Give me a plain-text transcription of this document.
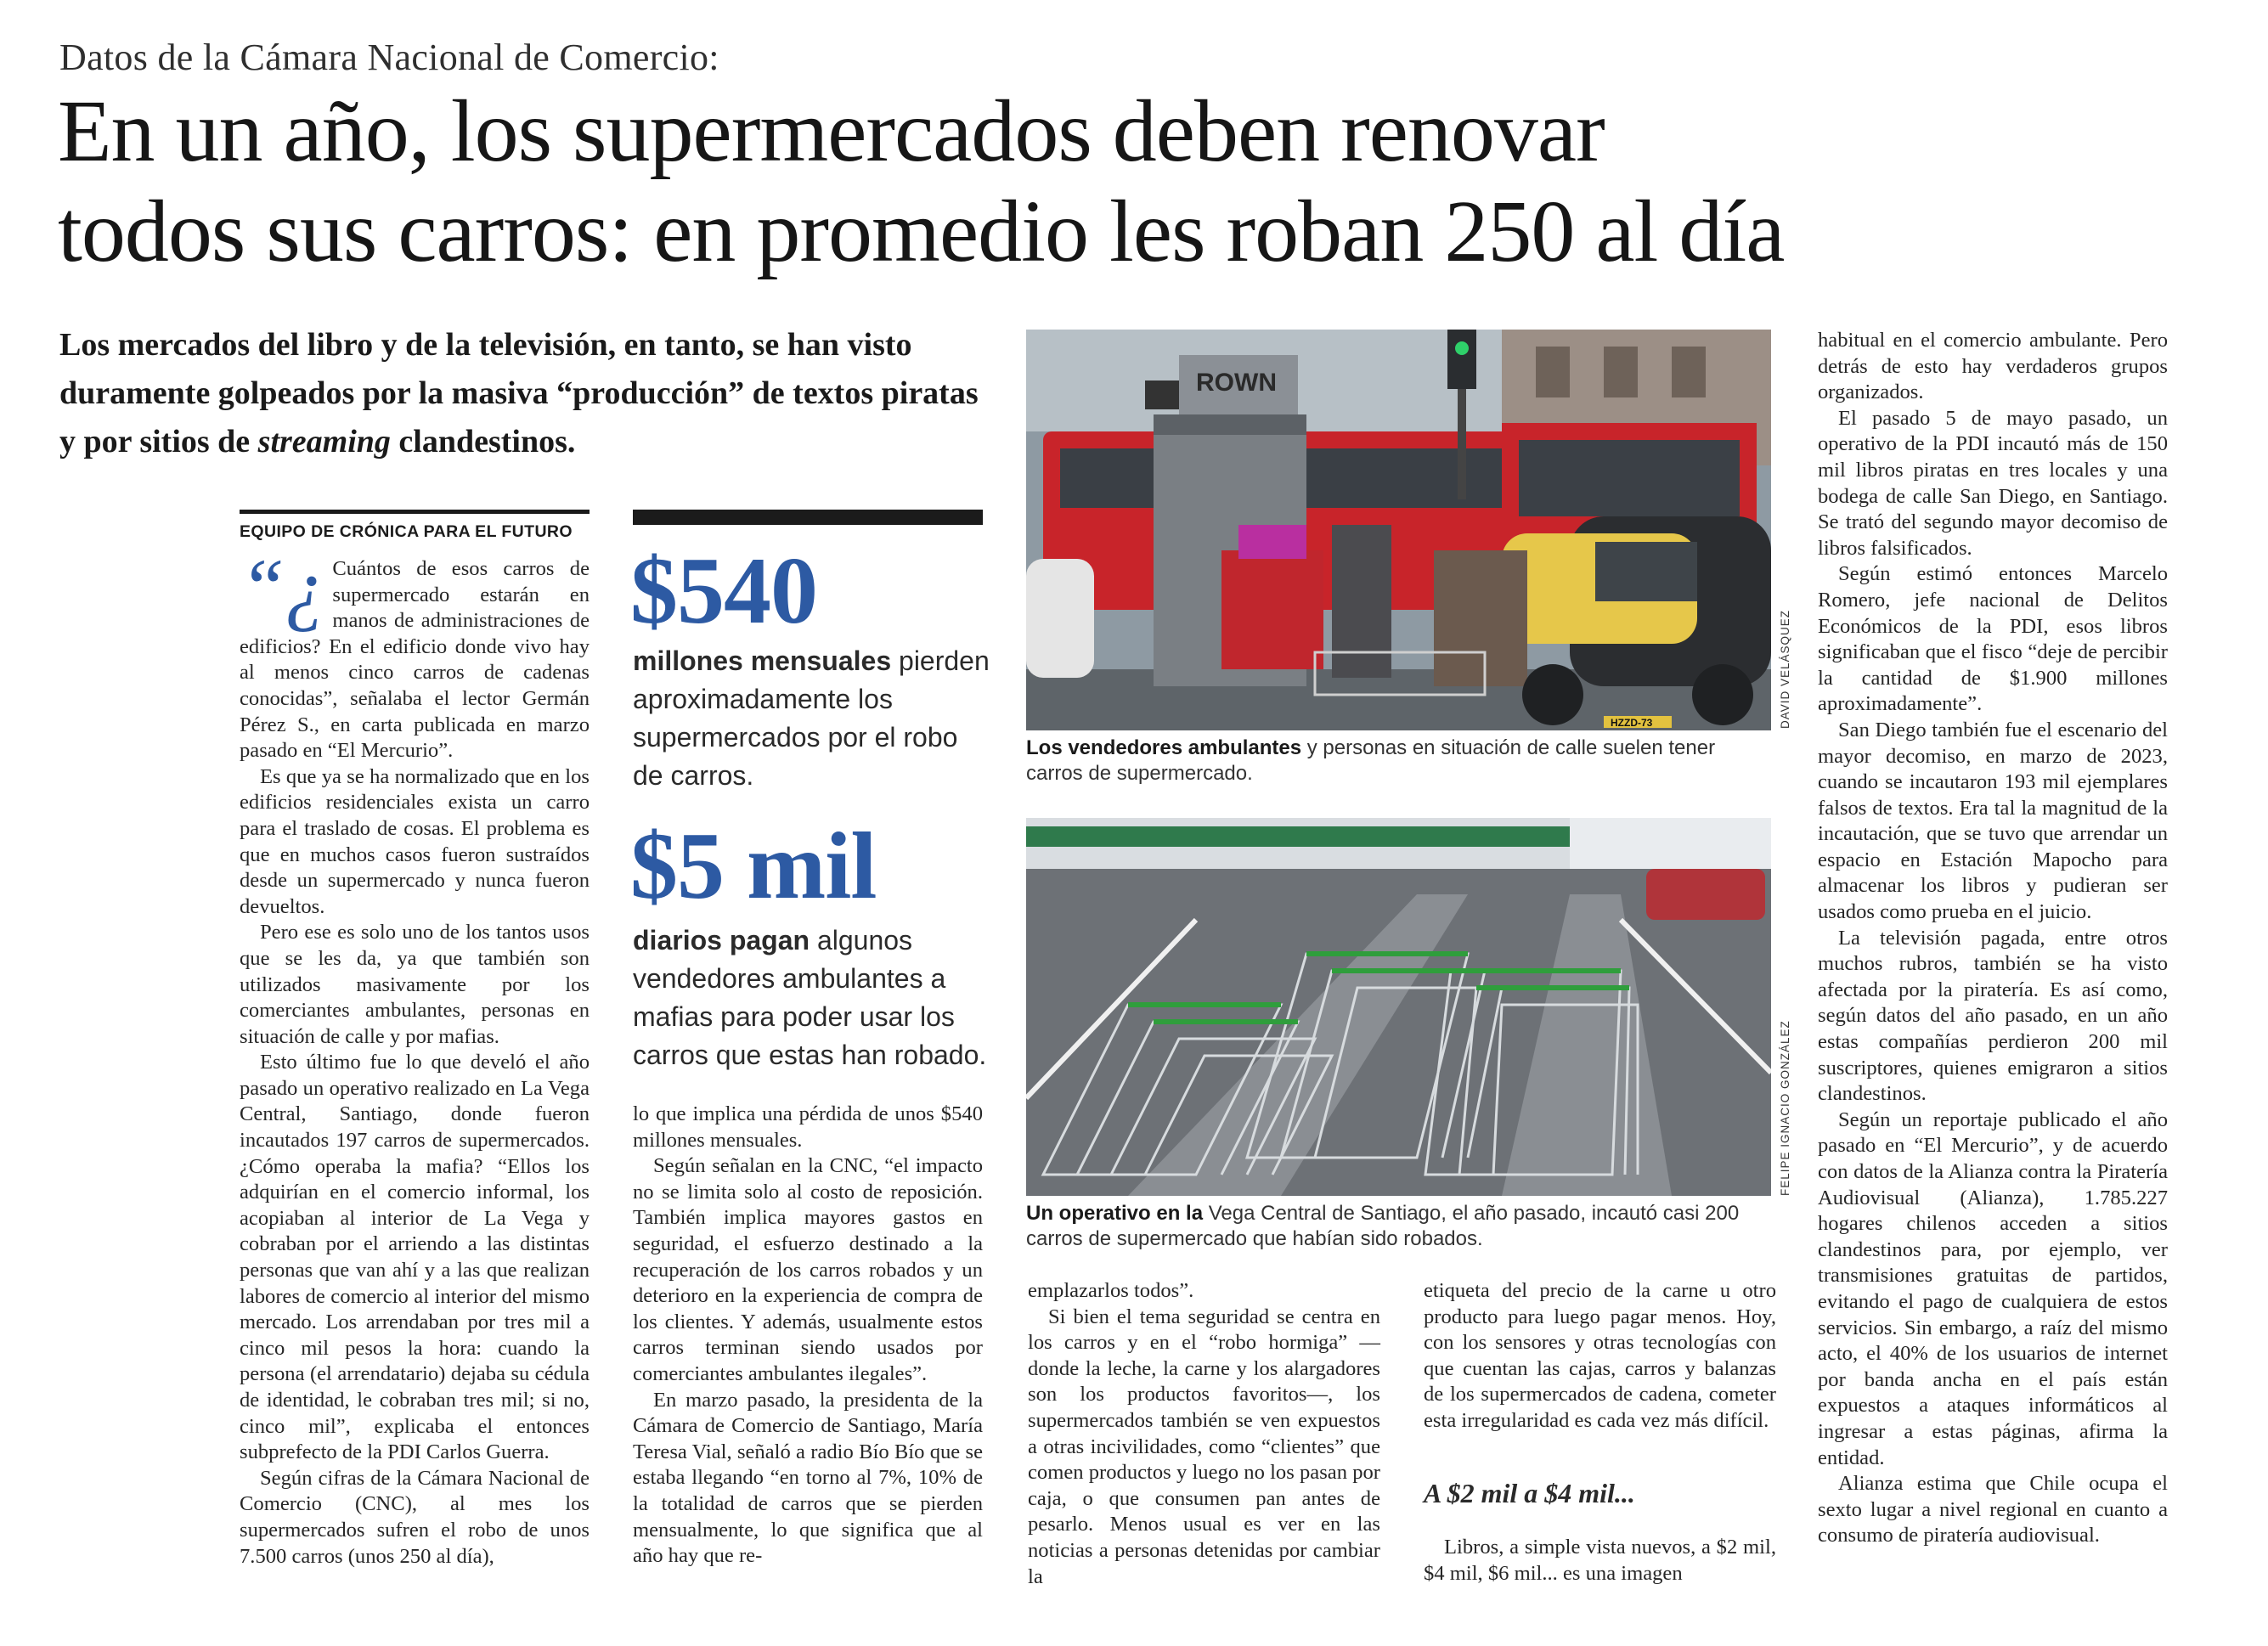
Datos de la Cámara Nacional de Comercio:
En un año, los supermercados deben renovar
todos sus carros: en promedio les roban 250 al día
Los mercados del libro y de la televisión, en tanto, se han visto duramente golpeados por la masiva “producción” de textos piratas y por sitios de streaming clandestinos.
EQUIPO DE CRÓNICA PARA EL FUTURO

“¿ Cuántos de esos carros de supermercado estarán en manos de administraciones de edificios? En el edificio donde vivo hay al menos cinco carros de cadenas conocidas”, señalaba el lector Germán Pérez S., en carta publicada en marzo pasado en “El Mercurio”.

Es que ya se ha normalizado que en los edificios residenciales exista un carro para el traslado de cosas. El problema es que en muchos casos fueron sustraídos desde un supermercado y nunca fueron devueltos.

Pero ese es solo uno de los tantos usos que se les da, ya que también son utilizados masivamente por los comerciantes ambulantes, personas en situación de calle y por mafias.

Esto último fue lo que develó el año pasado un operativo realizado en La Vega Central, Santiago, donde fueron incautados 197 carros de supermercados. ¿Cómo operaba la mafia? “Ellos los adquirían en el comercio informal, los acopiaban al interior de La Vega y cobraban por el arriendo a las distintas personas que van ahí y a las que realizan labores de comercio al interior del mismo mercado. Los arrendaban por tres mil a cinco mil pesos la hora: cuando la persona (el arrendatario) dejaba su cédula de identidad, le cobraban tres mil; si no, cinco mil”, explicaba el entonces subprefecto de la PDI Carlos Guerra.

Según cifras de la Cámara Nacional de Comercio (CNC), al mes los supermercados sufren el robo de unos 7.500 carros (unos 250 al día),

$540
millones mensuales pierden aproximadamente los supermercados por el robo de carros.
$5 mil
diarios pagan algunos vendedores ambulantes a mafias para poder usar los carros que estas han robado.

lo que implica una pérdida de unos $540 millones mensuales.

Según señalan en la CNC, “el impacto no se limita solo al costo de reposición. También implica mayores gastos en seguridad, el esfuerzo destinado a la recuperación de los carros robados y un deterioro en la experiencia de compra de los clientes. Y además, usualmente estos carros terminan siendo usados por comerciantes ambulantes ilegales”.

En marzo pasado, la presidenta de la Cámara de Comercio de Santiago, María Teresa Vial, señaló a radio Bío Bío que se estaba llegando “en torno al 7%, 10% de la totalidad de carros que se pierden mensualmente, lo que significa que al año hay que re-

ROWN
HZZD-73	DAVID VELÁSQUEZ
Los vendedores ambulantes y personas en situación de calle suelen tener carros de supermercado.
FELIPE IGNACIO GONZÁLEZ
Un operativo en la Vega Central de Santiago, el año pasado, incautó casi 200 carros de supermercado que habían sido robados.

emplazarlos todos”.

Si bien el tema seguridad se centra en los carros y en el “robo hormiga” —donde la leche, la carne y los alargadores son los productos favoritos—, los supermercados también se ven expuestos a otras incivilidades, como “clientes” que comen productos y luego no los pasan por caja, o que consumen pan antes de pesarlo. Menos usual es ver en las noticias a personas detenidas por cambiar la

etiqueta del precio de la carne u otro producto para luego pagar menos. Hoy, con los sensores y otras tecnologías con que cuentan las cajas, carros y balanzas de los supermercados de cadena, cometer esta irregularidad es cada vez más difícil.

A $2 mil a $4 mil...

Libros, a simple vista nuevos, a $2 mil, $4 mil, $6 mil... es una imagen

habitual en el comercio ambulante. Pero detrás de esto hay verdaderos grupos organizados.

El pasado 5 de mayo pasado, un operativo de la PDI incautó más de 150 mil libros piratas en tres locales y una bodega de calle San Diego, en Santiago. Se trató del segundo mayor decomiso de libros falsificados.

Según estimó entonces Marcelo Romero, jefe nacional de Delitos Económicos de la PDI, esos libros significaban que el fisco “deje de percibir la cantidad de $1.900 millones aproximadamente”.

San Diego también fue el escenario del mayor decomiso, en marzo de 2023, cuando se incautaron 193 mil ejemplares falsos de textos. Era tal la magnitud de la incautación, que se tuvo que arrendar un espacio en Estación Mapocho para almacenar los libros y pudieran ser usados como prueba en el juicio.

La televisión pagada, entre otros muchos rubros, también se ha visto afectada por la piratería. Es así como, según datos del año pasado, en un año estas compañías perdieron 200 mil suscriptores, quienes emigraron a sitios clandestinos.

Según un reportaje publicado el año pasado en “El Mercurio”, y de acuerdo con datos de la Alianza contra la Piratería Audiovisual (Alianza), 1.785.227 hogares chilenos acceden a sitios clandestinos para, por ejemplo, ver transmisiones gratuitas de partidos, evitando el pago de cualquiera de estos servicios. Sin embargo, a raíz del mismo acto, el 40% de los usuarios de internet por banda ancha en el país están expuestos a ataques informáticos al ingresar a estas páginas, afirma la entidad.

Alianza estima que Chile ocupa el sexto lugar a nivel regional en cuanto a consumo de piratería audiovisual.
